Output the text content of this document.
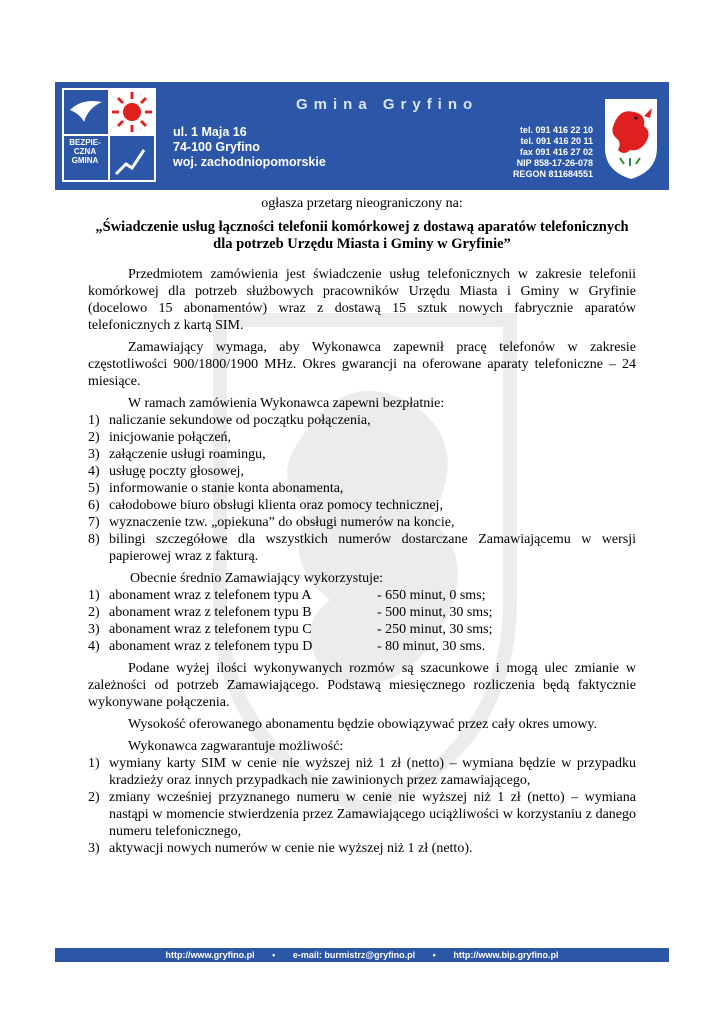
BEZPIE-CZNA GMINA
Gmina Gryfino
ul. 1 Maja 16
74-100 Gryfino
woj. zachodniopomorskie
tel. 091 416 22 10
tel. 091 416 20 11
fax 091 416 27 02
NIP 858-17-26-078
REGON 811684551
ogłasza przetarg nieograniczony na:
„Świadczenie usług łączności telefonii komórkowej z dostawą aparatów telefonicznych
dla potrzeb Urzędu Miasta i Gminy w Gryfinie”

Przedmiotem zamówienia jest świadczenie usług telefonicznych w zakresie telefonii komórkowej dla potrzeb służbowych pracowników Urzędu Miasta i Gminy w Gryfinie (docelowo 15 abonamentów) wraz z dostawą 15 sztuk nowych fabrycznie aparatów telefonicznych z kartą SIM.

Zamawiający wymaga, aby Wykonawca zapewnił pracę telefonów w zakresie częstotliwości 900/1800/1900 MHz. Okres gwarancji na oferowane aparaty telefoniczne – 24 miesiące.

W ramach zamówienia Wykonawca zapewni bezpłatnie:

1) naliczanie sekundowe od początku połączenia,
2) inicjowanie połączeń,
3) załączenie usługi roamingu,
4) usługę poczty głosowej,
5) informowanie o stanie konta abonamenta,
6) całodobowe biuro obsługi klienta oraz pomocy technicznej,
7) wyznaczenie tzw. „opiekuna” do obsługi numerów na koncie,
8) bilingi szczegółowe dla wszystkich numerów dostarczane Zamawiającemu w wersji papierowej wraz z fakturą.

Obecnie średnio Zamawiający wykorzystuje:

1) abonament wraz z telefonem typu A	- 650 minut, 0 sms;
2) abonament wraz z telefonem typu B	- 500 minut, 30 sms;
3) abonament wraz z telefonem typu C	- 250 minut, 30 sms;
4) abonament wraz z telefonem typu D	- 80 minut, 30 sms.

Podane wyżej ilości wykonywanych rozmów są szacunkowe i mogą ulec zmianie w zależności od potrzeb Zamawiającego. Podstawą miesięcznego rozliczenia będą faktycznie wykonywane połączenia.

Wysokość oferowanego abonamentu będzie obowiązywać przez cały okres umowy.

Wykonawca zagwarantuje możliwość:

1) wymiany karty SIM w cenie nie wyższej niż 1 zł (netto) – wymiana będzie w przypadku kradzieży oraz innych przypadkach nie zawinionych przez zamawiającego,
2) zmiany wcześniej przyznanego numeru w cenie nie wyższej niż 1 zł (netto) – wymiana nastąpi w momencie stwierdzenia przez Zamawiającego uciążliwości w korzystaniu z danego numeru telefonicznego,
3) aktywacji nowych numerów w cenie nie wyższej niż 1 zł (netto).
http://www.gryfino.pl • e-mail: burmistrz@gryfino.pl • http://www.bip.gryfino.pl
